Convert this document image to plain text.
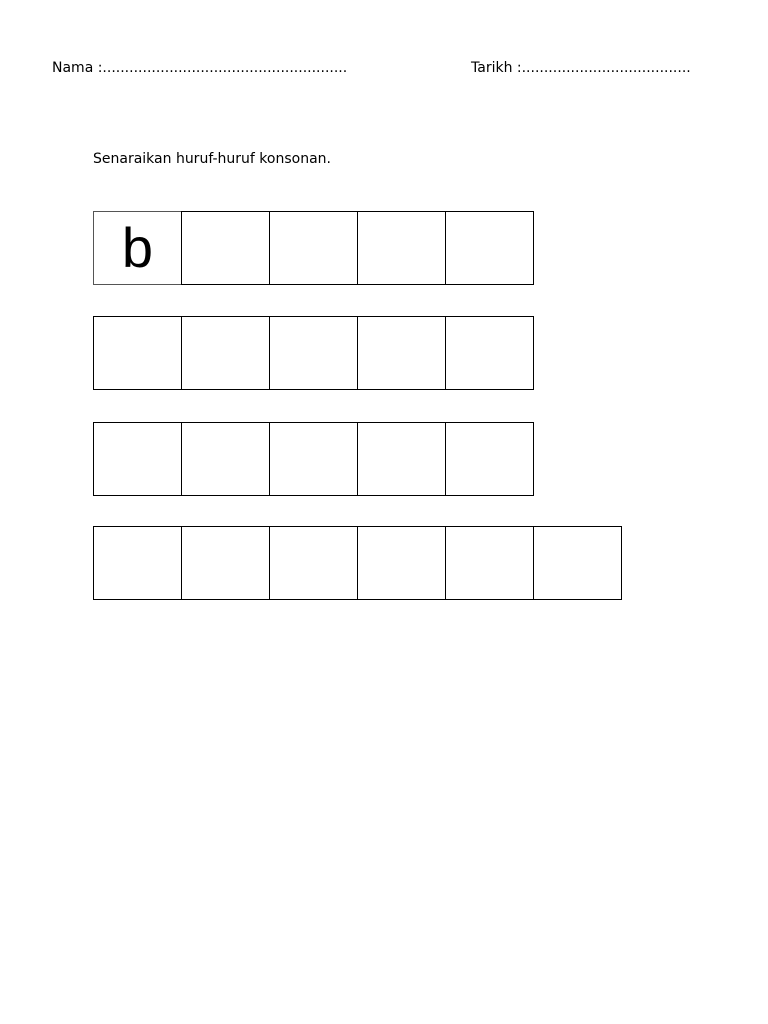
Nama :.......................................................	Tarikh :......................................
Senaraikan huruf-huruf konsonan.
b
